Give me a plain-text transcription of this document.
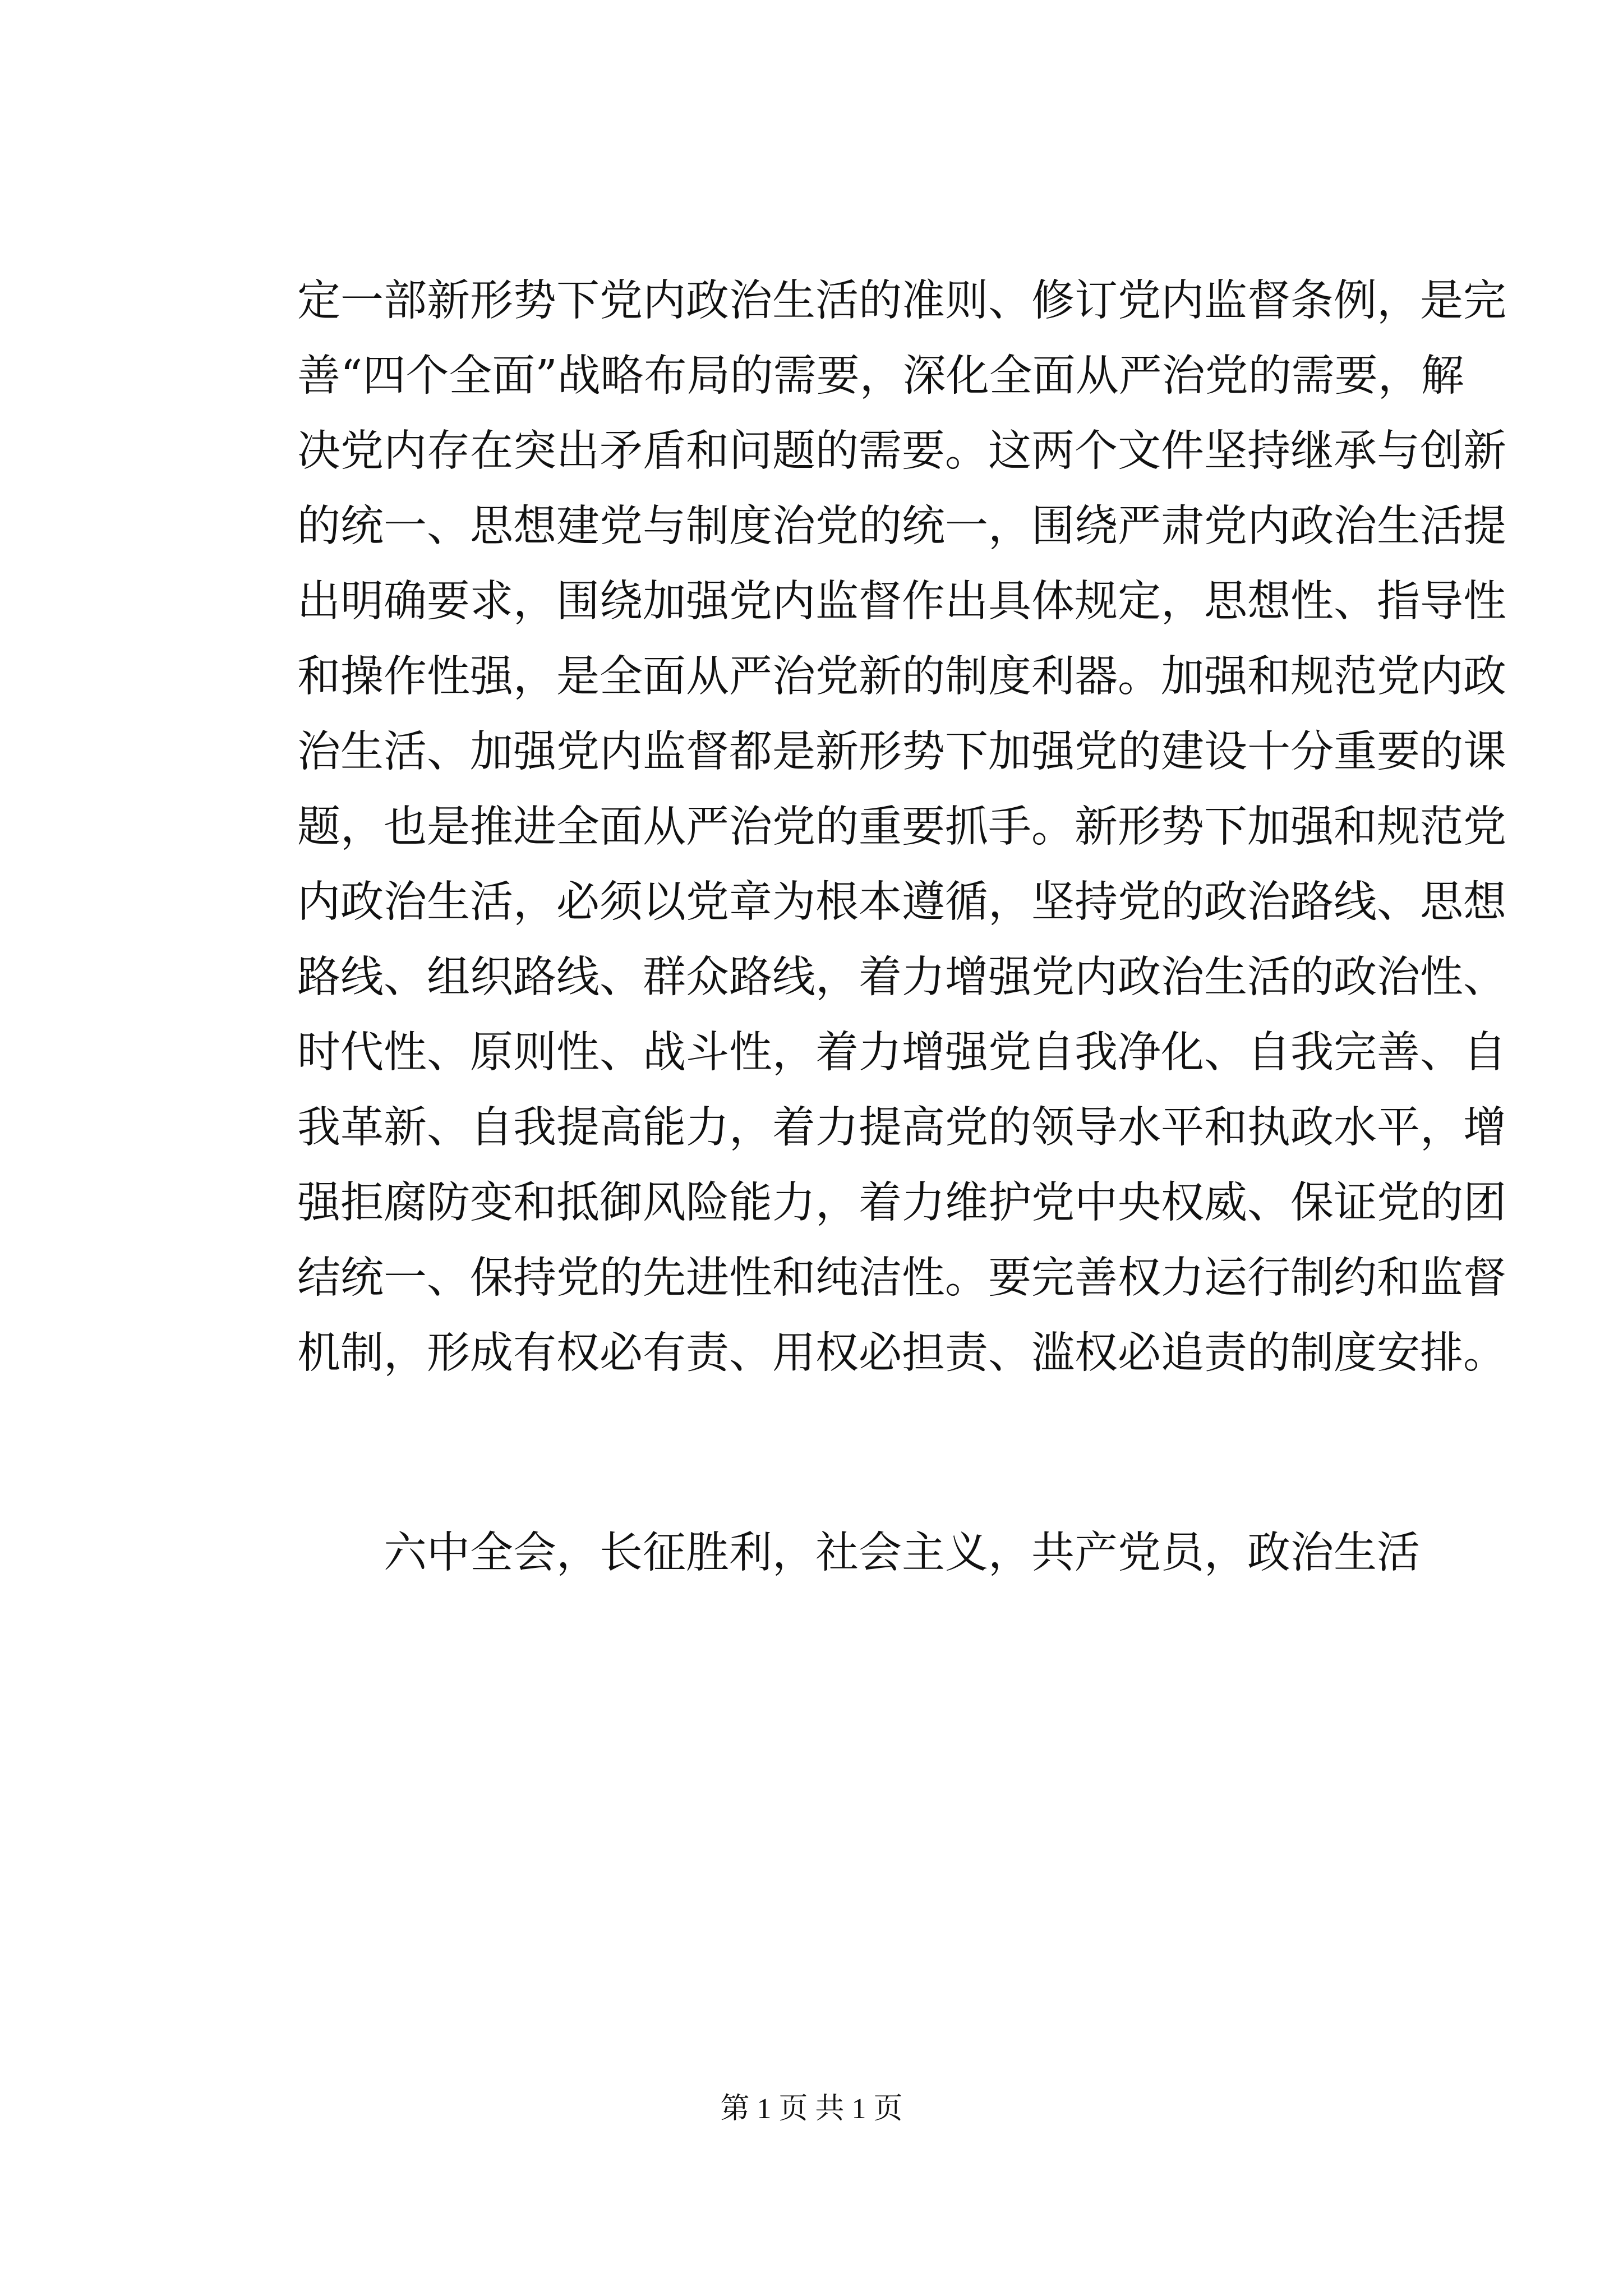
定一部新形势下党内政治生活的准则、修订党内监督条例，是完
善“四个全面”战略布局的需要，深化全面从严治党的需要，解
决党内存在突出矛盾和问题的需要。这两个文件坚持继承与创新
的统一、思想建党与制度治党的统一，围绕严肃党内政治生活提
出明确要求，围绕加强党内监督作出具体规定，思想性、指导性
和操作性强，是全面从严治党新的制度利器。加强和规范党内政
治生活、加强党内监督都是新形势下加强党的建设十分重要的课
题，也是推进全面从严治党的重要抓手。新形势下加强和规范党
内政治生活，必须以党章为根本遵循，坚持党的政治路线、思想
路线、组织路线、群众路线，着力增强党内政治生活的政治性、
时代性、原则性、战斗性，着力增强党自我净化、自我完善、自
我革新、自我提高能力，着力提高党的领导水平和执政水平，增
强拒腐防变和抵御风险能力，着力维护党中央权威、保证党的团
结统一、保持党的先进性和纯洁性。要完善权力运行制约和监督
机制，形成有权必有责、用权必担责、滥权必追责的制度安排。

六中全会，长征胜利，社会主义，共产党员，政治生活

第 1 页 共 1 页
